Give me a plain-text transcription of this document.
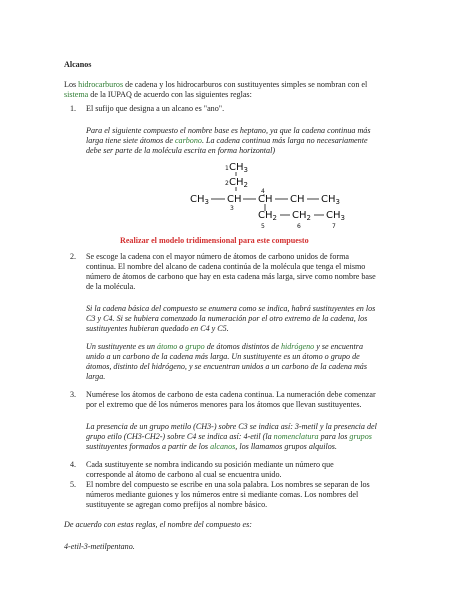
Alcanos
Los hidrocarburos de cadena y los hidrocarburos con sustituyentes simples se nombran con el
sistema de la IUPAQ de acuerdo con las siguientes reglas:
1. El sufijo que designa a un alcano es "ano".
Para el siguiente compuesto el nombre base es heptano, ya que la cadena continua más
larga tiene siete átomos de carbono. La cadena continua más larga no necesariamente
debe ser parte de la molécula escrita en forma horizontal)
1 $CH_3$
2 $CH_2$
$CH_3$ CH
3
4
CH CH $CH_3$
$CH_2$ $CH_2$ $CH_3$
5	6	7
Realizar el modelo tridimensional para este compuesto
2. Se escoge la cadena con el mayor número de átomos de carbono unidos de forma
continua. El nombre del alcano de cadena continúa de la molécula que tenga el mismo
número de átomos de carbono que hay en esta cadena más larga, sirve como nombre base
de la molécula.
Si la cadena básica del compuesto se enumera como se indica, habrá sustituyentes en los
C3 y C4. Si se hubiera comenzado la numeración por el otro extremo de la cadena, los
sustituyentes hubieran quedado en C4 y C5.
Un sustituyente es un átomo o grupo de átomos distintos de hidrógeno y se encuentra
unido a un carbono de la cadena más larga. Un sustituyente es un átomo o grupo de
átomos, distinto del hidrógeno, y se encuentran unidos a un carbono de la cadena más
larga.
3. Numérese los átomos de carbono de esta cadena continua. La numeración debe comenzar
por el extremo que dé los números menores para los átomos que llevan sustituyentes.
La presencia de un grupo metilo (CH3-) sobre C3 se indica así: 3-metil y la presencia del
grupo etilo (CH3-CH2-) sobre C4 se indica así: 4-etil (la nomenclatura para los grupos
sustituyentes formados a partir de los alcanos, los llamamos grupos alquilos.
4. Cada sustituyente se nombra indicando su posición mediante un número que
corresponde al átomo de carbono al cual se encuentra unido.
5. El nombre del compuesto se escribe en una sola palabra. Los nombres se separan de los
números mediante guiones y los números entre si mediante comas. Los nombres del
sustituyente se agregan como prefijos al nombre básico.
De acuerdo con estas reglas, el nombre del compuesto es:
4-etil-3-metilpentano.
